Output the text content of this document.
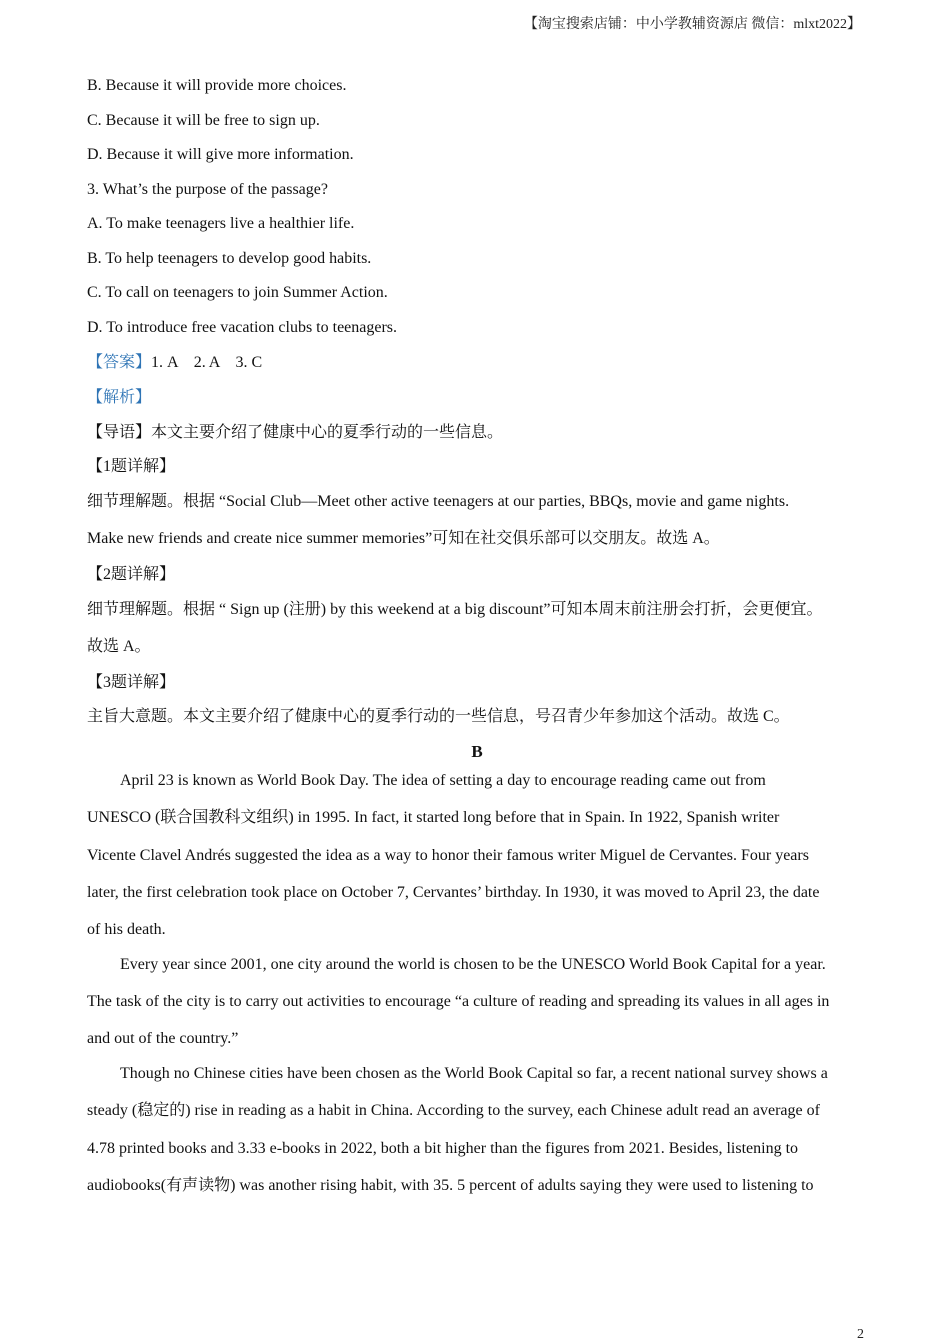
【淘宝搜索店铺：中小学教辅资源店 微信：mlxt2022】
B. Because it will provide more choices.
C. Because it will be free to sign up.
D. Because it will give more information.
3. What’s the purpose of the passage?
A. To make teenagers live a healthier life.
B. To help teenagers to develop good habits.
C. To call on teenagers to join Summer Action.
D. To introduce free vacation clubs to teenagers.
【答案】1. A    2. A    3. C
【解析】
【导语】本文主要介绍了健康中心的夏季行动的一些信息。
【1题详解】
细节理解题。根据 “Social Club—Meet other active teenagers at our parties, BBQs, movie and game nights.
Make new friends and create nice summer memories”可知在社交俱乐部可以交朋友。故选 A。
【2题详解】
细节理解题。根据 “ Sign up (注册) by this weekend at a big discount”可知本周末前注册会打折，会更便宜。
故选 A。
【3题详解】
主旨大意题。本文主要介绍了健康中心的夏季行动的一些信息，号召青少年参加这个活动。故选 C。
B
April 23 is known as World Book Day. The idea of setting a day to encourage reading came out from
UNESCO (联合国教科文组织) in 1995. In fact, it started long before that in Spain. In 1922, Spanish writer
Vicente Clavel Andrés suggested the idea as a way to honor their famous writer Miguel de Cervantes. Four years
later, the first celebration took place on October 7, Cervantes’ birthday. In 1930, it was moved to April 23, the date
of his death.
Every year since 2001, one city around the world is chosen to be the UNESCO World Book Capital for a year.
The task of the city is to carry out activities to encourage “a culture of reading and spreading its values in all ages in
and out of the country.”
Though no Chinese cities have been chosen as the World Book Capital so far, a recent national survey shows a
steady (稳定的) rise in reading as a habit in China. According to the survey, each Chinese adult read an average of
4.78 printed books and 3.33 e-books in 2022, both a bit higher than the figures from 2021. Besides, listening to
audiobooks(有声读物) was another rising habit, with 35. 5 percent of adults saying they were used to listening to
2
